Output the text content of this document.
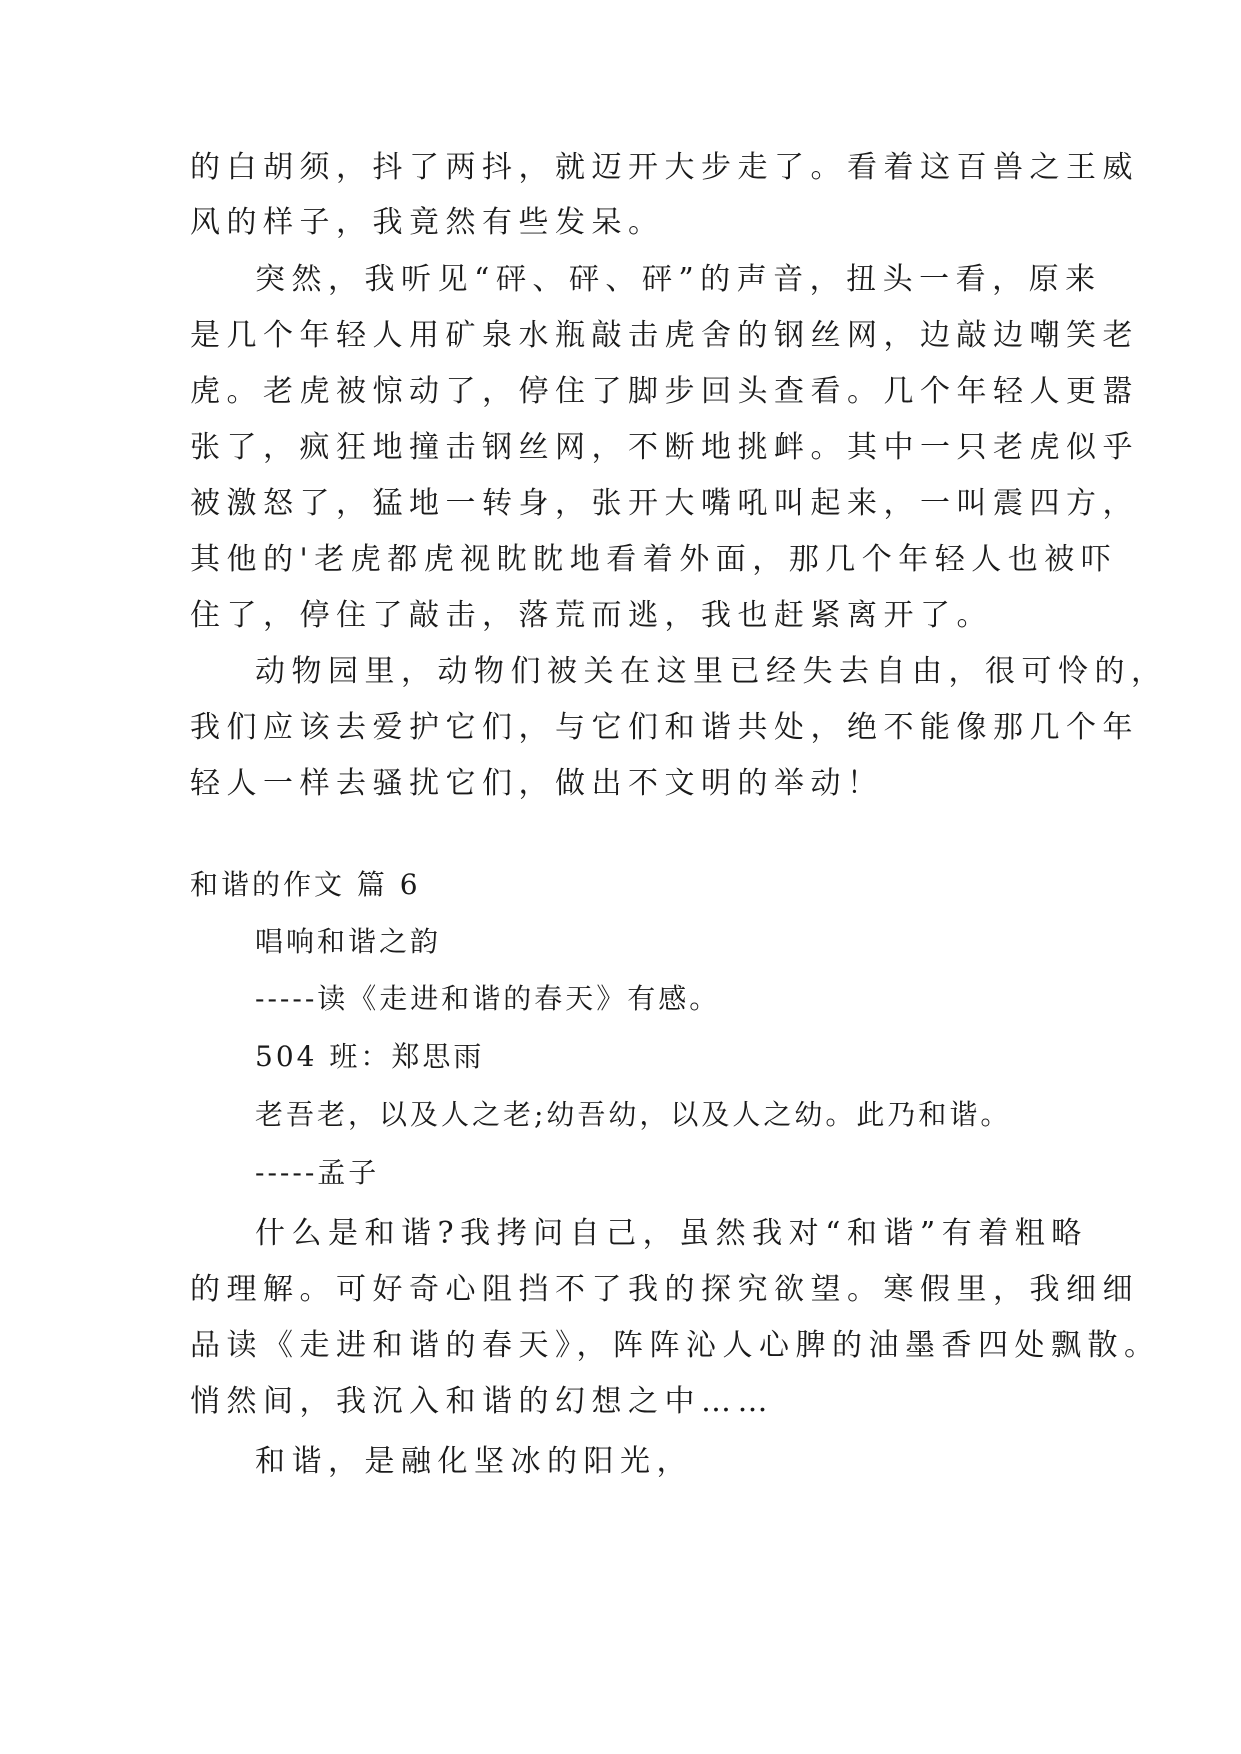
的白胡须，抖了两抖，就迈开大步走了。看着这百兽之王威
风的样子，我竟然有些发呆。
突然，我听见“砰、砰、砰”的声音，扭头一看，原来
是几个年轻人用矿泉水瓶敲击虎舍的钢丝网，边敲边嘲笑老
虎。老虎被惊动了，停住了脚步回头查看。几个年轻人更嚣
张了，疯狂地撞击钢丝网，不断地挑衅。其中一只老虎似乎
被激怒了，猛地一转身，张开大嘴吼叫起来，一叫震四方，
其他的'老虎都虎视眈眈地看着外面，那几个年轻人也被吓
住了，停住了敲击，落荒而逃，我也赶紧离开了。
动物园里，动物们被关在这里已经失去自由，很可怜的，
我们应该去爱护它们，与它们和谐共处，绝不能像那几个年
轻人一样去骚扰它们，做出不文明的举动！
和谐的作文 篇 6
唱响和谐之韵
-----读《走进和谐的春天》有感。
504 班：郑思雨
老吾老，以及人之老;幼吾幼，以及人之幼。此乃和谐。
-----孟子
什么是和谐?我拷问自己，虽然我对“和谐”有着粗略
的理解。可好奇心阻挡不了我的探究欲望。寒假里，我细细
品读《走进和谐的春天》，阵阵沁人心脾的油墨香四处飘散。
悄然间，我沉入和谐的幻想之中……
和谐，是融化坚冰的阳光，
